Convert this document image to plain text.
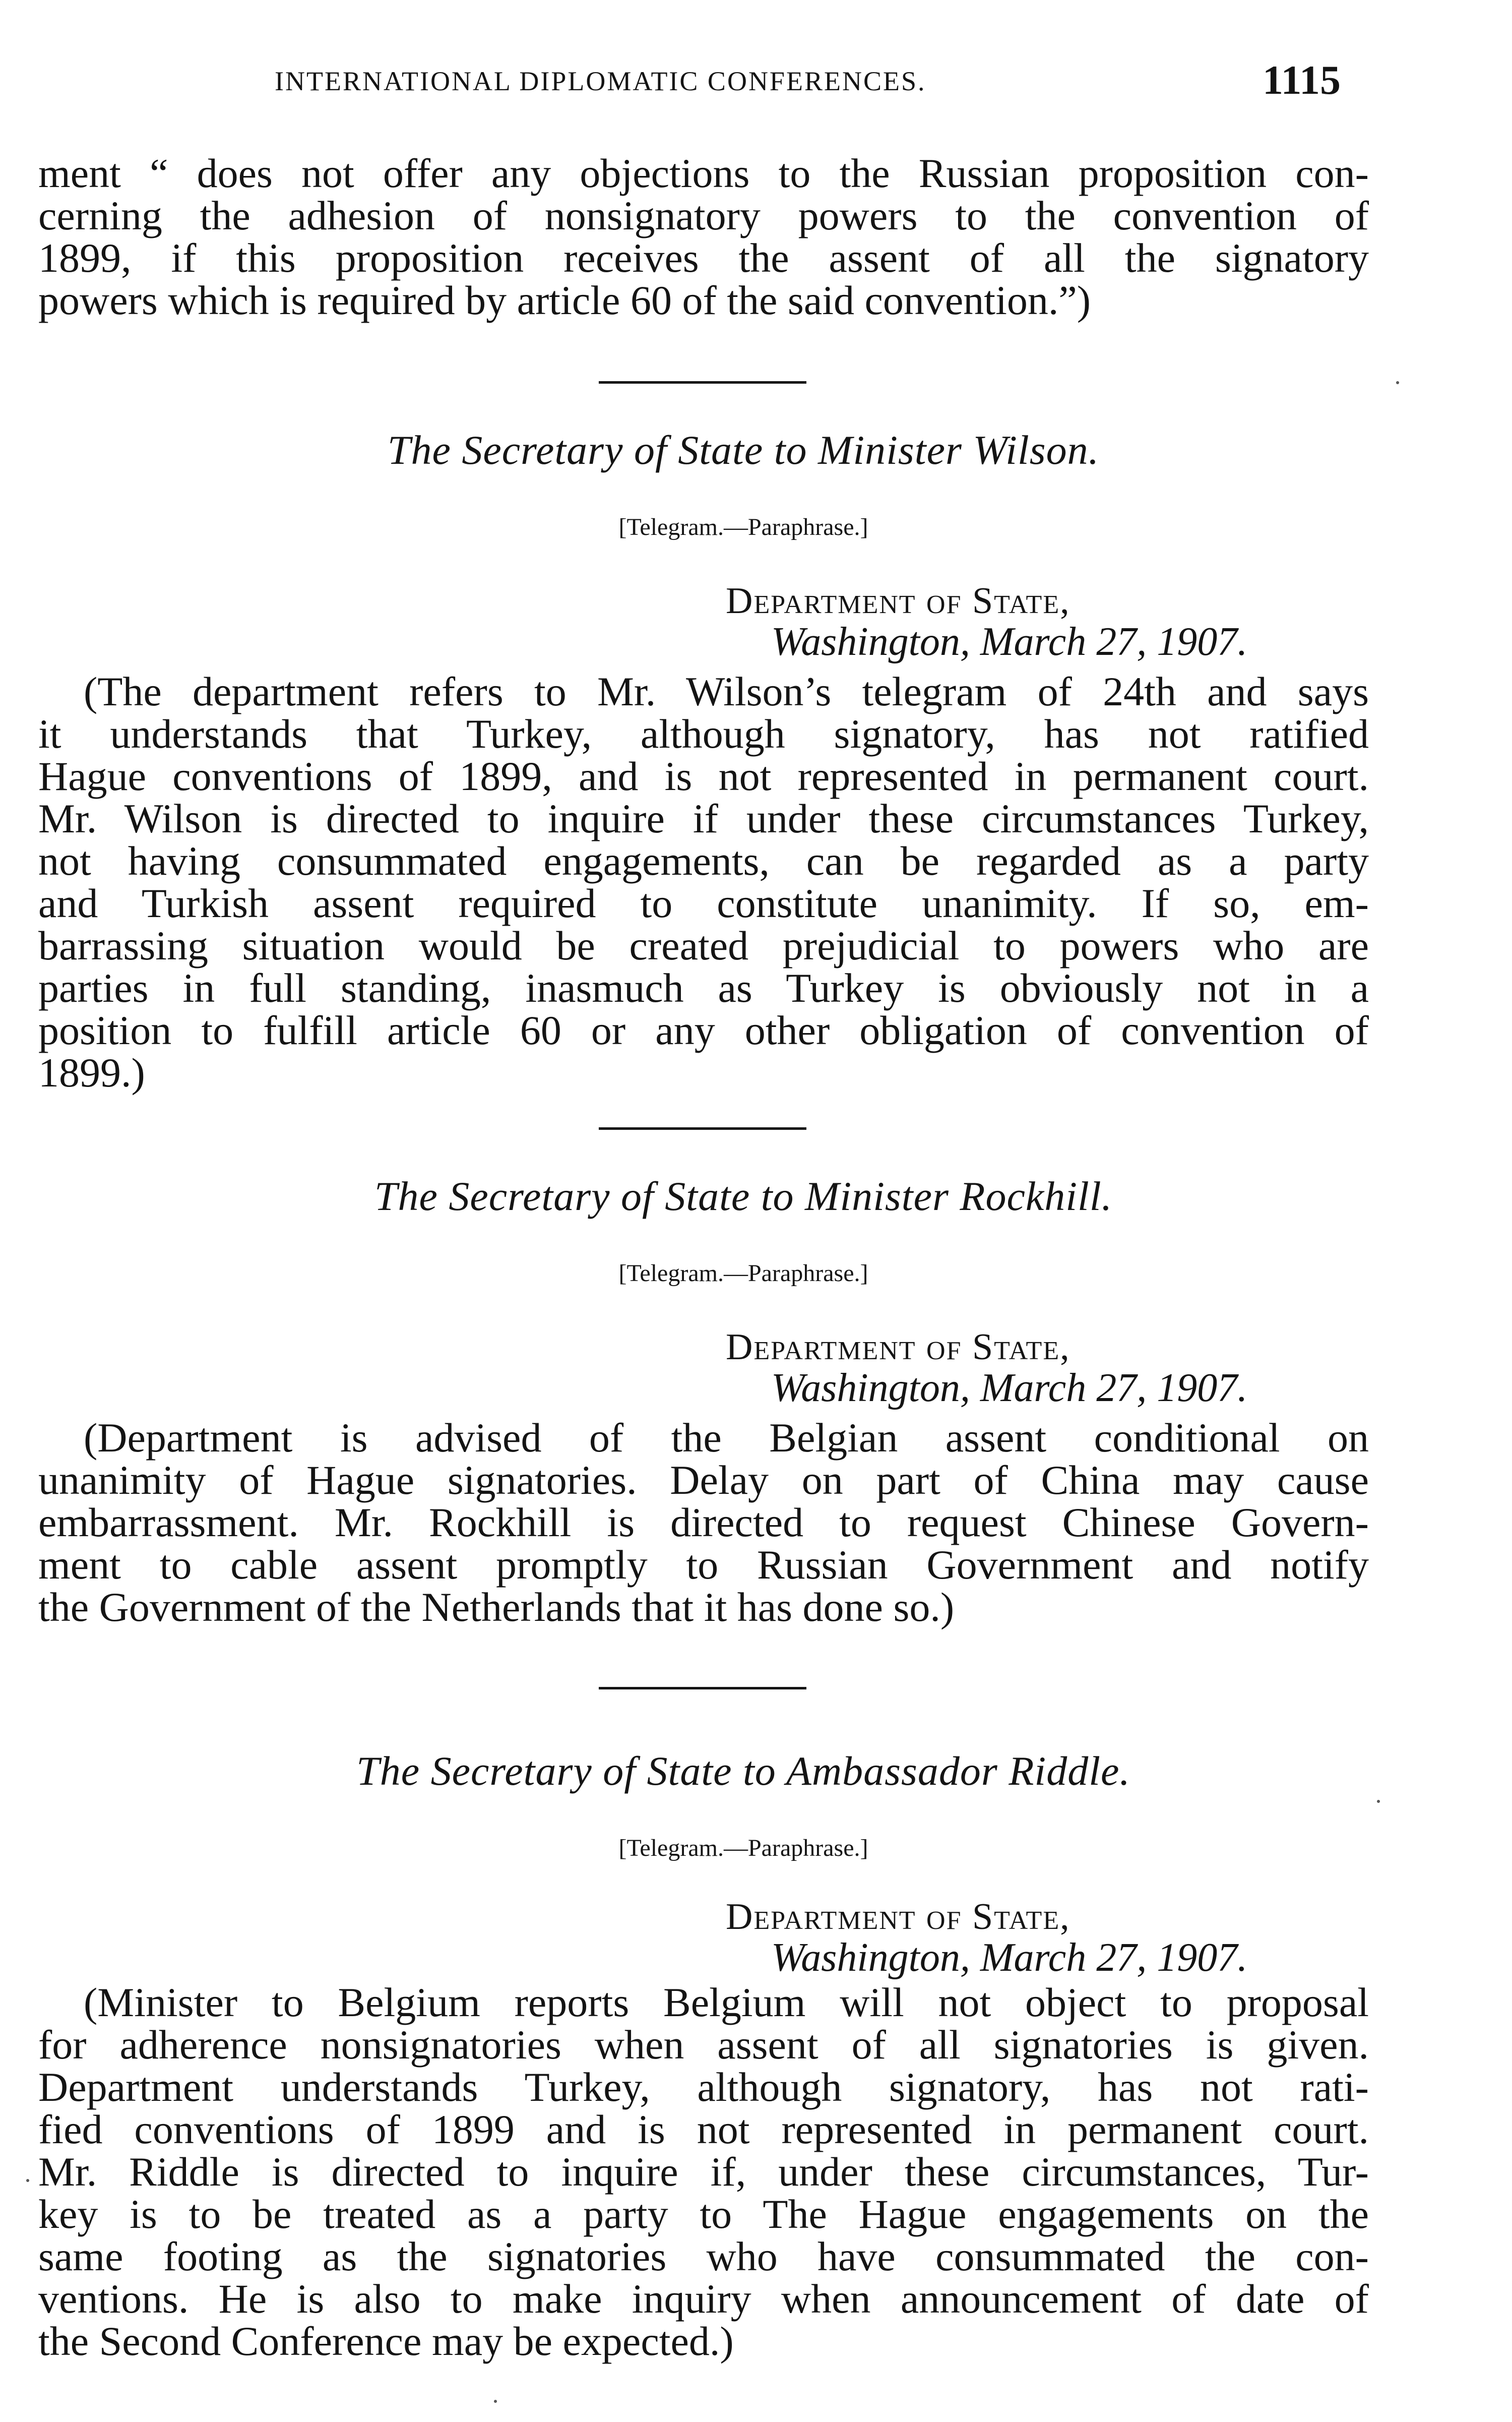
INTERNATIONAL DIPLOMATIC CONFERENCES.	1115
ment “ does not offer any objections to the Russian proposition con-
cerning the adhesion of nonsignatory powers to the convention of
1899, if this proposition receives the assent of all the signatory
powers which is required by article 60 of the said convention.”)
The Secretary of State to Minister Wilson.
[Telegram.—Paraphrase.]
Department of State,
Washington, March 27, 1907.
(The department refers to Mr. Wilson’s telegram of 24th and says
it understands that Turkey, although signatory, has not ratified
Hague conventions of 1899, and is not represented in permanent court.
Mr. Wilson is directed to inquire if under these circumstances Turkey,
not having consummated engagements, can be regarded as a party
and Turkish assent required to constitute unanimity. If so, em-
barrassing situation would be created prejudicial to powers who are
parties in full standing, inasmuch as Turkey is obviously not in a
position to fulfill article 60 or any other obligation of convention of
1899.)
The Secretary of State to Minister Rockhill.
[Telegram.—Paraphrase.]
Department of State,
Washington, March 27, 1907.
(Department is advised of the Belgian assent conditional on
unanimity of Hague signatories. Delay on part of China may cause
embarrassment. Mr. Rockhill is directed to request Chinese Govern-
ment to cable assent promptly to Russian Government and notify
the Government of the Netherlands that it has done so.)
The Secretary of State to Ambassador Riddle.
[Telegram.—Paraphrase.]
Department of State,
Washington, March 27, 1907.
(Minister to Belgium reports Belgium will not object to proposal
for adherence nonsignatories when assent of all signatories is given.
Department understands Turkey, although signatory, has not rati-
fied conventions of 1899 and is not represented in permanent court.
Mr. Riddle is directed to inquire if, under these circumstances, Tur-
key is to be treated as a party to The Hague engagements on the
same footing as the signatories who have consummated the con-
ventions. He is also to make inquiry when announcement of date of
the Second Conference may be expected.)
